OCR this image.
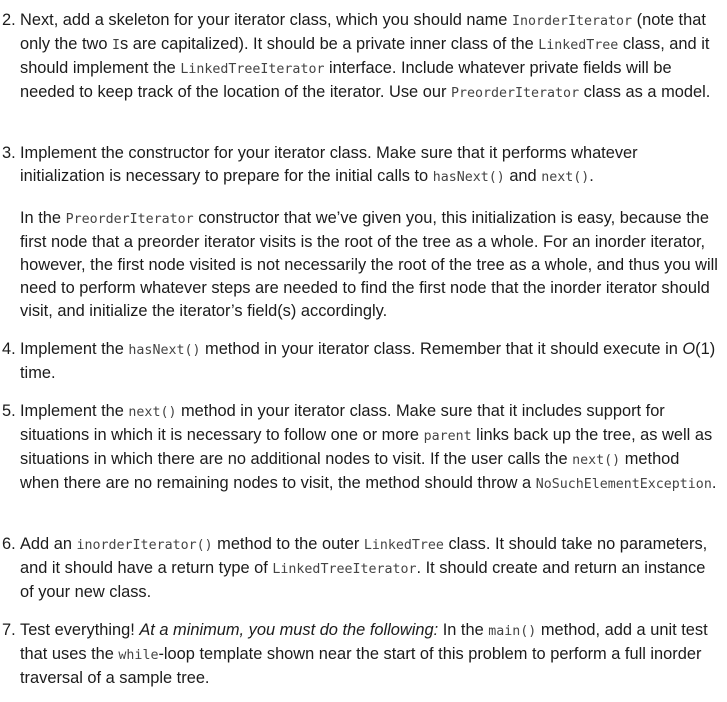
2. Next, add a skeleton for your iterator class, which you should name InorderIterator (note that only the two Is are capitalized). It should be a private inner class of the LinkedTree class, and it should implement the LinkedTreeIterator interface. Include whatever private fields will be needed to keep track of the location of the iterator. Use our PreorderIterator class as a model.

3. Implement the constructor for your iterator class. Make sure that it performs whatever initialization is necessary to prepare for the initial calls to hasNext() and next().

In the PreorderIterator constructor that we’ve given you, this initialization is easy, because the first node that a preorder iterator visits is the root of the tree as a whole. For an inorder iterator, however, the first node visited is not necessarily the root of the tree as a whole, and thus you will need to perform whatever steps are needed to find the first node that the inorder iterator should visit, and initialize the iterator’s field(s) accordingly.

4. Implement the hasNext() method in your iterator class. Remember that it should execute in O(1) time.

5. Implement the next() method in your iterator class. Make sure that it includes support for situations in which it is necessary to follow one or more parent links back up the tree, as well as situations in which there are no additional nodes to visit. If the user calls the next() method when there are no remaining nodes to visit, the method should throw a NoSuchElementException.

6. Add an inorderIterator() method to the outer LinkedTree class. It should take no parameters, and it should have a return type of LinkedTreeIterator. It should create and return an instance of your new class.

7. Test everything! At a minimum, you must do the following: In the main() method, add a unit test that uses the while-loop template shown near the start of this problem to perform a full inorder traversal of a sample tree.
